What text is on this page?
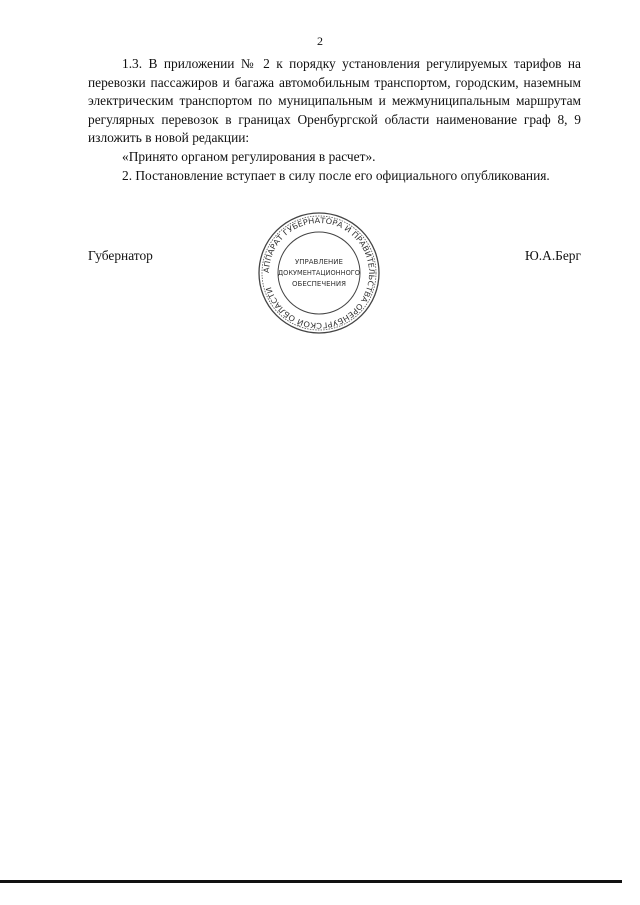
2

1.3. В приложении № 2 к порядку установления регулируемых тарифов на перевозки пассажиров и багажа автомобильным транспортом, городским, наземным электрическим транспортом по муниципальным и межмуниципальным маршрутам регулярных перевозок в границах Оренбургской области наименование граф 8, 9 изложить в новой редакции:

«Принято органом регулирования в расчет».

2. Постановление вступает в силу после его официального опубликования.

Губернатор	Ю.А.Берг
АППАРАТ ГУБЕРНАТОРА И ПРАВИТЕЛЬСТВА ОРЕНБУРГСКОЙ ОБЛАСТИ
УПРАВЛЕНИЕ
ДОКУМЕНТАЦИОННОГО
ОБЕСПЕЧЕНИЯ
